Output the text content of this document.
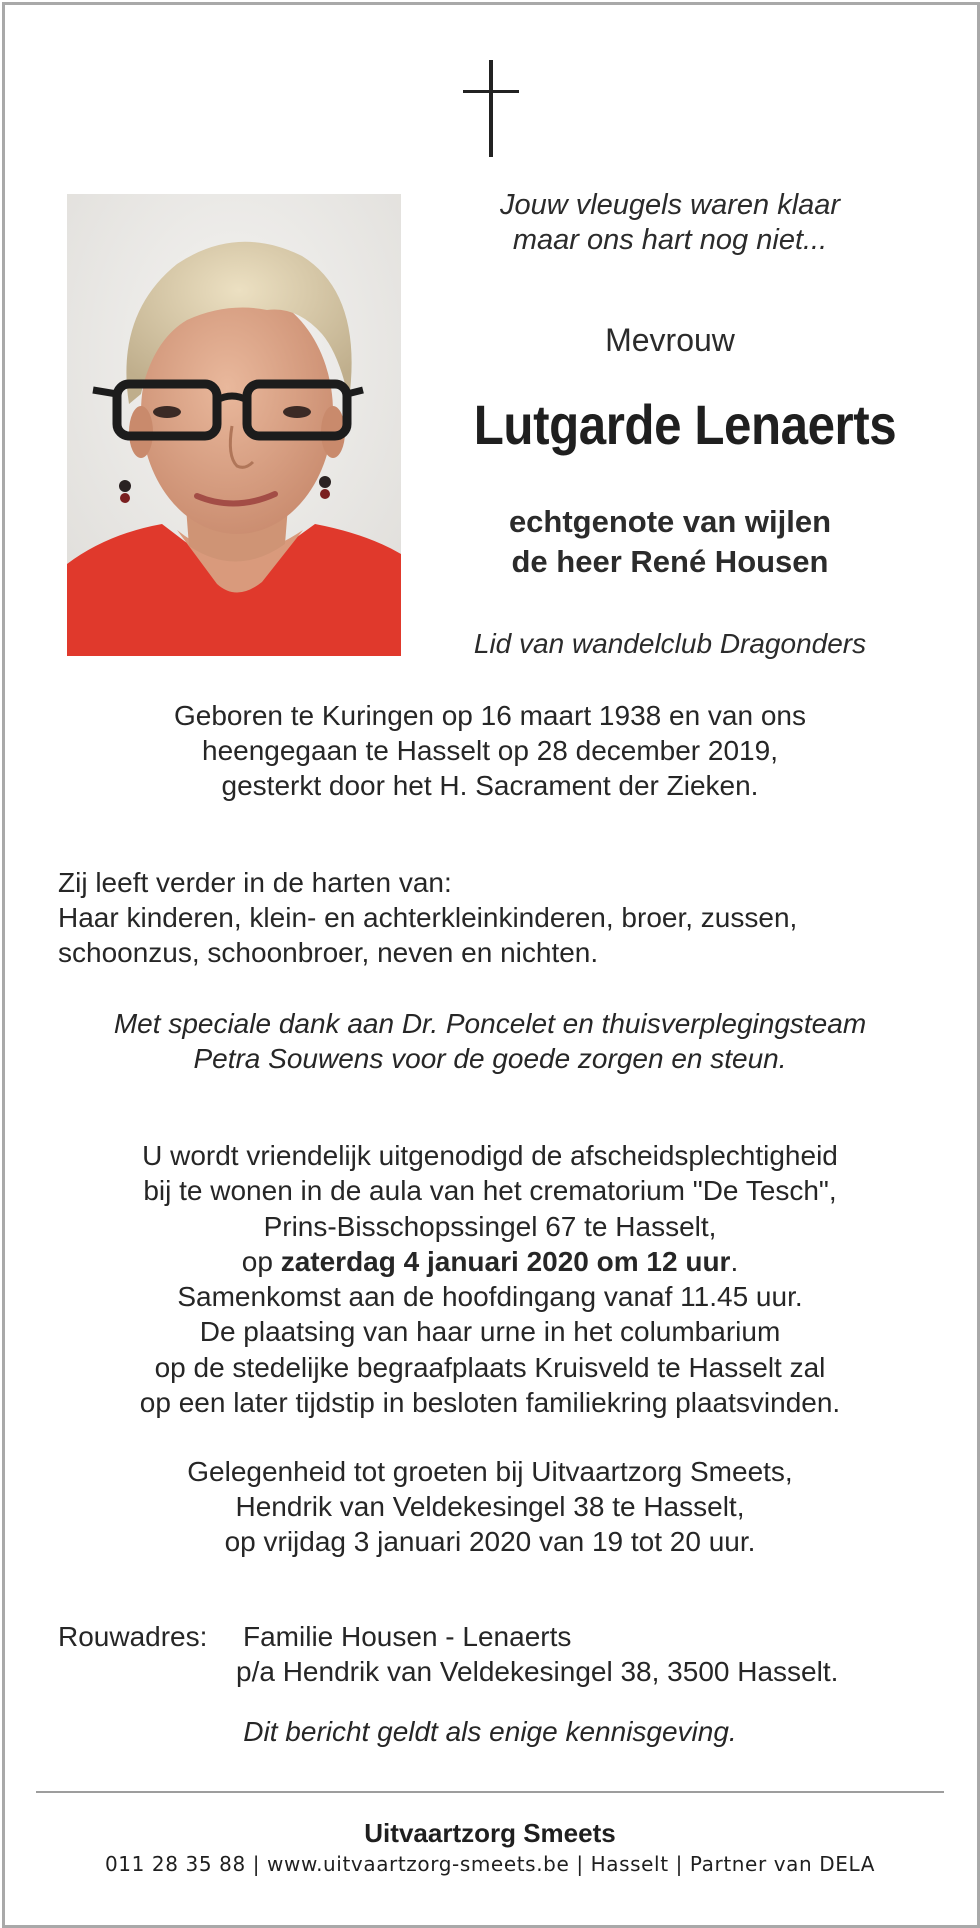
Jouw vleugels waren klaar
maar ons hart nog niet...
Mevrouw
Lutgarde Lenaerts
echtgenote van wijlen
de heer René Housen
Lid van wandelclub Dragonders
Geboren te Kuringen op 16 maart 1938 en van ons
heengegaan te Hasselt op 28 december 2019,
gesterkt door het H. Sacrament der Zieken.
Zij leeft verder in de harten van:
Haar kinderen, klein- en achterkleinkinderen, broer, zussen,
schoonzus, schoonbroer, neven en nichten.
Met speciale dank aan Dr. Poncelet en thuisverplegingsteam
Petra Souwens voor de goede zorgen en steun.
U wordt vriendelijk uitgenodigd de afscheidsplechtigheid
bij te wonen in de aula van het crematorium "De Tesch",
Prins-Bisschopssingel 67 te Hasselt,
op zaterdag 4 januari 2020 om 12 uur.
Samenkomst aan de hoofdingang vanaf 11.45 uur.
De plaatsing van haar urne in het columbarium
op de stedelijke begraafplaats Kruisveld te Hasselt zal
op een later tijdstip in besloten familiekring plaatsvinden.
Gelegenheid tot groeten bij Uitvaartzorg Smeets,
Hendrik van Veldekesingel 38 te Hasselt,
op vrijdag 3 januari 2020 van 19 tot 20 uur.
Rouwadres: Familie Housen - Lenaerts
p/a Hendrik van Veldekesingel 38, 3500 Hasselt.
Dit bericht geldt als enige kennisgeving.
Uitvaartzorg Smeets
011 28 35 88 | www.uitvaartzorg-smeets.be | Hasselt | Partner van DELA
